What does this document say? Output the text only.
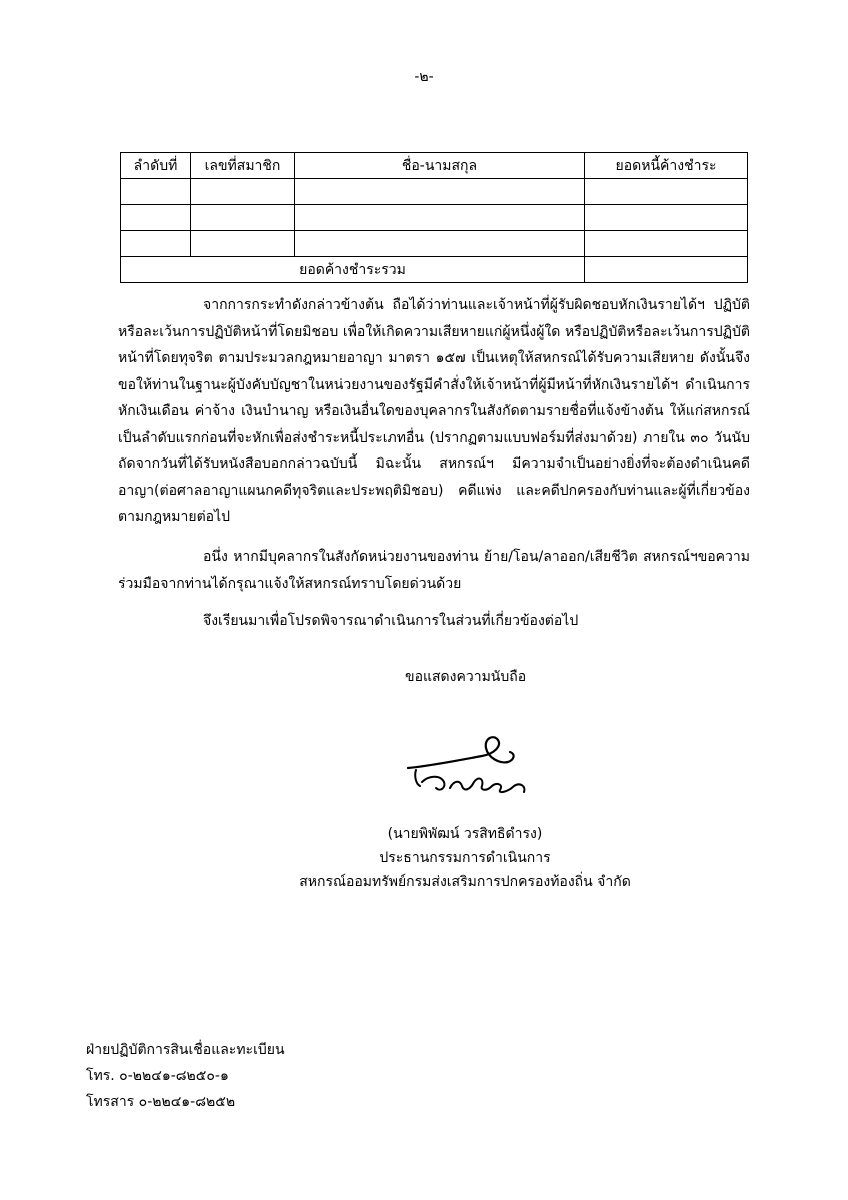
-๒-
ลำดับที่	เลขที่สมาชิก	ชื่อ-นามสกุล	ยอดหนี้ค้างชำระ

ยอดค้างชำระรวม			
จากการกระทำดังกล่าวข้างต้น ถือได้ว่าท่านและเจ้าหน้าที่ผู้รับผิดชอบหักเงินรายได้ฯ ปฏิบัติหรือละเว้นการปฏิบัติหน้าที่โดยมิชอบ เพื่อให้เกิดความเสียหายแก่ผู้หนึ่งผู้ใด หรือปฏิบัติหรือละเว้นการปฏิบัติหน้าที่โดยทุจริต ตามประมวลกฎหมายอาญา มาตรา ๑๕๗ เป็นเหตุให้สหกรณ์ได้รับความเสียหาย ดังนั้นจึงขอให้ท่านในฐานะผู้บังคับบัญชาในหน่วยงานของรัฐมีคำสั่งให้เจ้าหน้าที่ผู้มีหน้าที่หักเงินรายได้ฯ ดำเนินการหักเงินเดือน ค่าจ้าง เงินบำนาญ หรือเงินอื่นใดของบุคลากรในสังกัดตามรายชื่อที่แจ้งข้างต้น ให้แก่สหกรณ์เป็นลำดับแรกก่อนที่จะหักเพื่อส่งชำระหนี้ประเภทอื่น (ปรากฏตามแบบฟอร์มที่ส่งมาด้วย) ภายใน ๓๐ วันนับถัดจากวันที่ได้รับหนังสือบอกกล่าวฉบับนี้ มิฉะนั้น สหกรณ์ฯ มีความจำเป็นอย่างยิ่งที่จะต้องดำเนินคดีอาญา(ต่อศาลอาญาแผนกคดีทุจริตและประพฤติมิชอบ) คดีแพ่ง และคดีปกครองกับท่านและผู้ที่เกี่ยวข้องตามกฎหมายต่อไป
อนึ่ง หากมีบุคลากรในสังกัดหน่วยงานของท่าน ย้าย/โอน/ลาออก/เสียชีวิต สหกรณ์ฯขอความร่วมมือจากท่านได้กรุณาแจ้งให้สหกรณ์ทราบโดยด่วนด้วย
จึงเรียนมาเพื่อโปรดพิจารณาดำเนินการในส่วนที่เกี่ยวข้องต่อไป
ขอแสดงความนับถือ
(นายพิพัฒน์ วรสิทธิดำรง)
ประธานกรรมการดำเนินการ
สหกรณ์ออมทรัพย์กรมส่งเสริมการปกครองท้องถิ่น จำกัด
ฝ่ายปฏิบัติการสินเชื่อและทะเบียน
โทร. ๐-๒๒๔๑-๘๒๕๐-๑
โทรสาร ๐-๒๒๔๑-๘๒๕๒
